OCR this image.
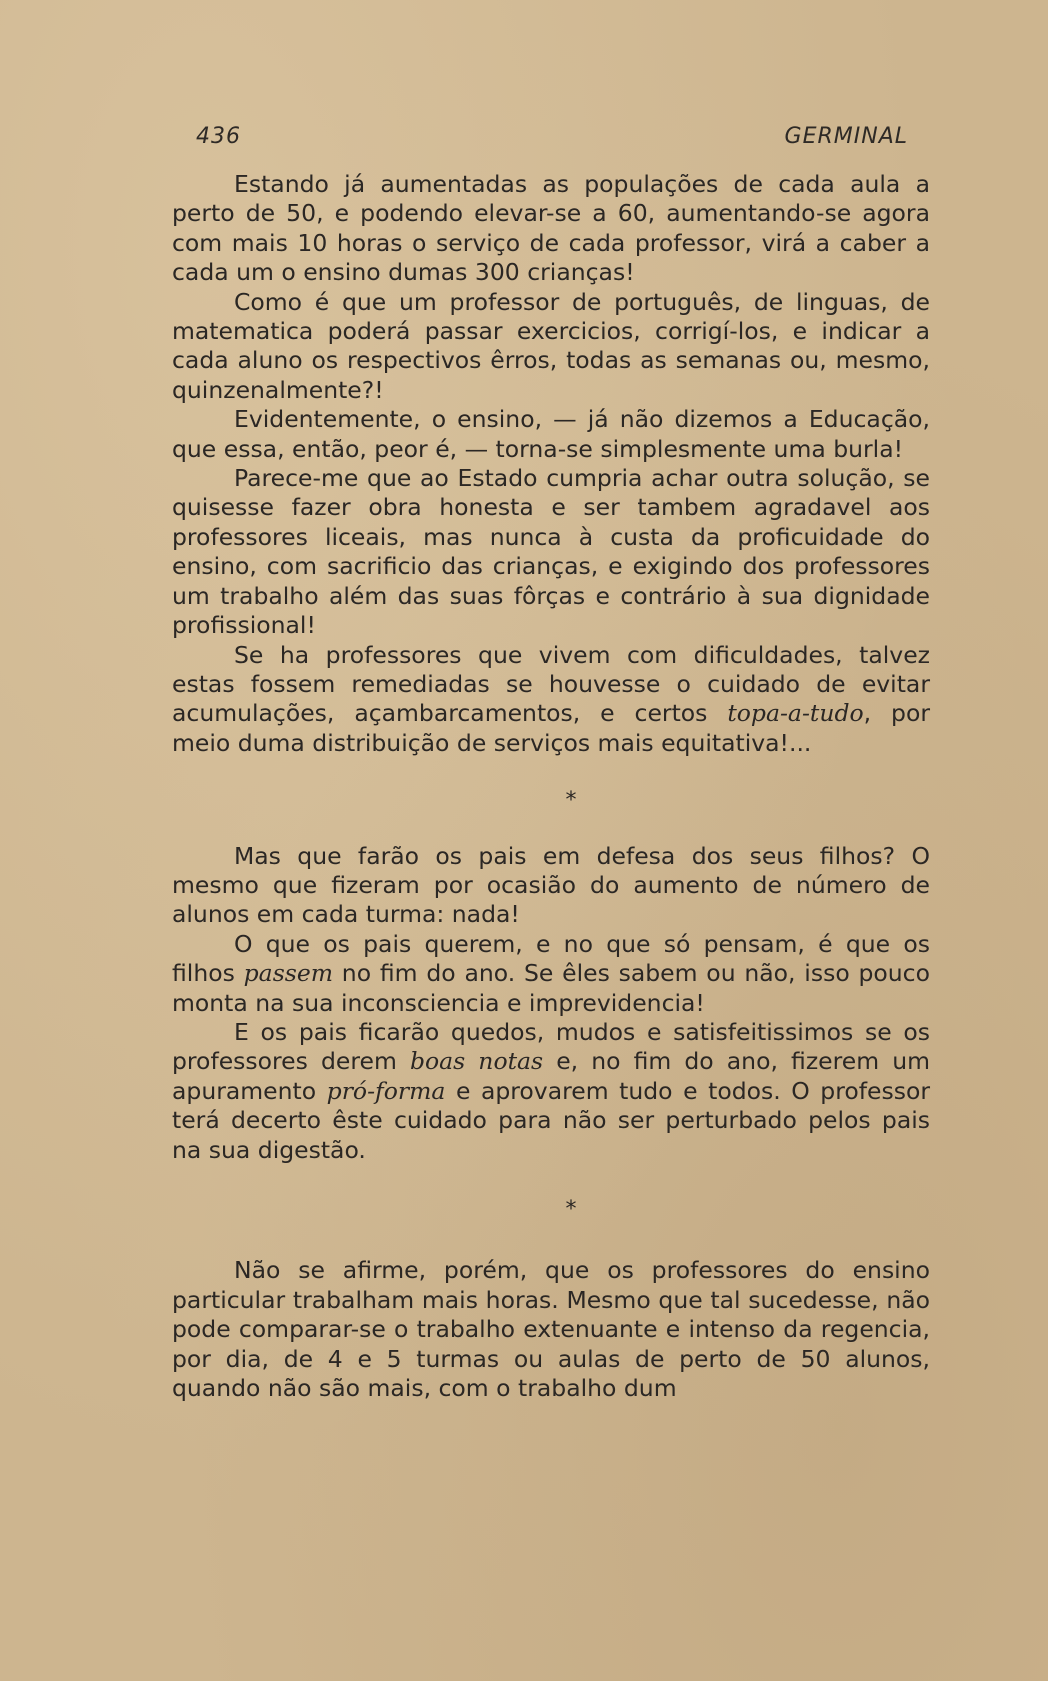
436	GERMINAL

Estando já aumentadas as populações de cada aula a perto de 50, e podendo elevar-se a 60, aumentando-se agora com mais 10 horas o serviço de cada professor, virá a caber a cada um o ensino dumas 300 crianças!

Como é que um professor de português, de linguas, de matematica poderá passar exercicios, corrigí-los, e indicar a cada aluno os respectivos êrros, todas as semanas ou, mesmo, quinzenalmente?!

Evidentemente, o ensino, — já não dizemos a Educação, que essa, então, peor é, — torna-se simplesmente uma burla!

Parece-me que ao Estado cumpria achar outra solução, se quisesse fazer obra honesta e ser tambem agradavel aos professores liceais, mas nunca à custa da proficuidade do ensino, com sacrificio das crianças, e exigindo dos professores um trabalho além das suas fôrças e contrário à sua dignidade profissional!

Se ha professores que vivem com dificuldades, talvez estas fossem remediadas se houvesse o cuidado de evitar acumulações, açambarcamentos, e certos topa-a-tudo, por meio duma distribuição de serviços mais equitativa!...

*

Mas que farão os pais em defesa dos seus filhos? O mesmo que fizeram por ocasião do aumento de número de alunos em cada turma: nada!

O que os pais querem, e no que só pensam, é que os filhos passem no fim do ano. Se êles sabem ou não, isso pouco monta na sua inconsciencia e imprevidencia!

E os pais ficarão quedos, mudos e satisfeitissimos se os professores derem boas notas e, no fim do ano, fizerem um apuramento pró-forma e aprovarem tudo e todos. O professor terá decerto êste cuidado para não ser perturbado pelos pais na sua digestão.

*

Não se afirme, porém, que os professores do ensino particular trabalham mais horas. Mesmo que tal sucedesse, não pode comparar-se o trabalho extenuante e intenso da regencia, por dia, de 4 e 5 turmas ou aulas de perto de 50 alunos, quando não são mais, com o trabalho dum
